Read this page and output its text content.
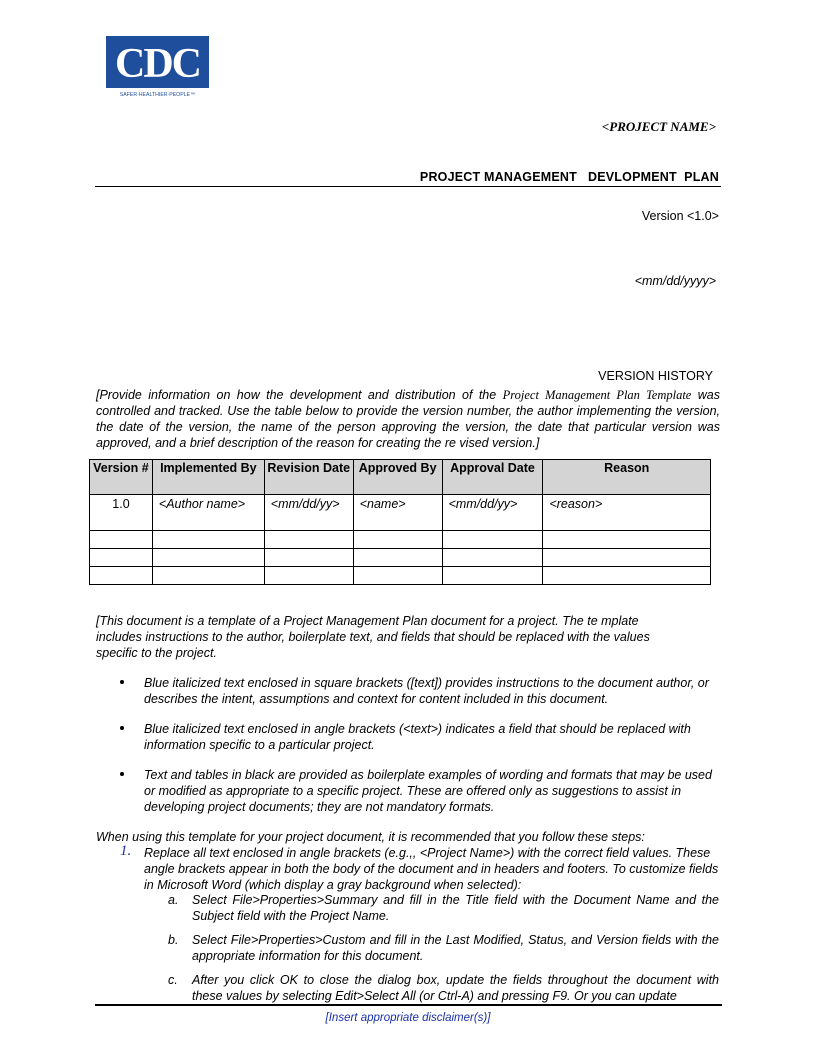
CDC
SAFER·HEALTHIER·PEOPLE™
<PROJECT NAME>
PROJECT MANAGEMENT   DEVLOPMENT  PLAN
Version <1.0>
<mm/dd/yyyy>
VERSION HISTORY
[Provide information on how the development and distribution of the Project Management Plan Template was controlled and tracked. Use the table below to provide the version number, the author implementing the version, the date of the version, the name of the person approving the version, the date that particular version was approved, and a brief description of the reason for creating the re vised version.]
Version #	Implemented By	Revision Date	Approved By	Approval Date	Reason
1.0	<Author name>	<mm/dd/yy>	<name>	<mm/dd/yy>	<reason>

[This document is a template of a Project Management Plan document for a project. The te mplate includes instructions to the author, boilerplate text, and fields that should be replaced with the values specific to the project.
Blue italicized text enclosed in square brackets ([text]) provides instructions to the document author, or describes the intent, assumptions and context for content included in this document.
Blue italicized text enclosed in angle brackets (<text>) indicates a field that should be replaced with information specific to a particular project.
Text and tables in black are provided as boilerplate examples of wording and formats that may be used or modified as appropriate to a specific project. These are offered only as suggestions to assist in developing project documents; they are not mandatory formats.
When using this template for your project document, it is recommended that you follow these steps:
1. Replace all text enclosed in angle brackets (e.g.,, <Project Name>) with the correct field values. These angle brackets appear in both the body of the document and in headers and footers. To customize fields in Microsoft Word (which display a gray background when selected):
a. Select File>Properties>Summary and fill in the Title field with the Document Name and the Subject field with the Project Name.
b. Select File>Properties>Custom and fill in the Last Modified, Status, and Version fields with the appropriate information for this document.
c. After you click OK to close the dialog box, update the fields throughout the document with these values by selecting Edit>Select All (or Ctrl-A) and pressing F9. Or you can update
[Insert appropriate disclaimer(s)]
